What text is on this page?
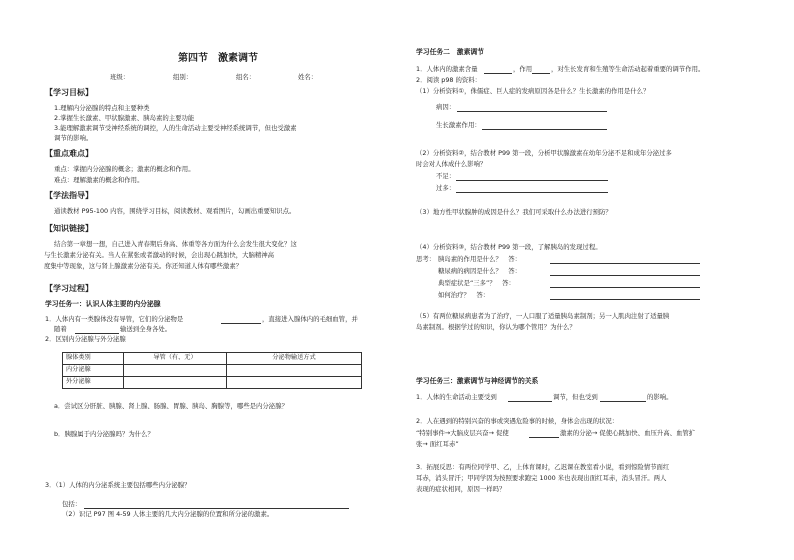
第四节　激素调节
班级：	组别：	组名：	姓名：
【学习目标】
1.理解内分泌腺的特点和主要种类
2.掌握生长激素、甲状腺激素、胰岛素的主要功能
3.能理解激素调节受神经系统的调控，人的生命活动主要受神经系统调节，但也受激素
调节的影响。
【重点难点】
重点：掌握内分泌腺的概念；激素的概念和作用。
难点：理解激素的概念和作用。
【学法指导】
通读教材 P95-100 内容，围绕学习目标，阅读教材、观看图片，勾画出重要知识点。
【知识链接】
结合第一章想一想，自己进入青春期后身高、体重等各方面为什么会发生很大变化？这
与生长激素分泌有关。当人在紧张或者激动的时候，会出现心跳加快，大脑精神高
度集中等现象，这与肾上腺激素分泌有关。你还知道人体有哪些激素？
【学习过程】
学习任务一：认识人体主要的内分泌腺
1．人体内有一类腺体没有导管，它们的分泌物是	，直接进入腺体内的毛细血管，并
随着	输送到全身各处。
2．区别内分泌腺与外分泌腺
腺体类别	导管（有、无）	分泌物输送方式
内分泌腺		
外分泌腺		
a．尝试区分肝脏、胰腺、肾上腺、肠腺、胃腺、胰岛、胸腺等，哪些是内分泌腺？
b．胰腺属于内分泌腺吗？为什么？
3．（1）人体的内分泌系统主要包括哪些内分泌腺？
包括：
（2）识记 P97 图 4-59 人体主要的几大内分泌腺的位置和所分泌的激素。
学习任务二　激素调节
1．人体内的激素含量	，作用	，对生长发育和生殖等生命活动起着重要的调节作用。
2．阅读 p98 的资料：
（1）分析资料①，侏儒症、巨人症的发病原因各是什么？生长激素的作用是什么？
病因：
生长激素作用：
（2）分析资料②，结合教材 P99 第一段，分析甲状腺激素在幼年分泌不足和成年分泌过多
时会对人体成什么影响？
不足：
过多：
（3）地方性甲状腺肿的成因是什么？我们可采取什么办法进行预防？
（4）分析资料③，结合教材 P99 第一段，了解胰岛的发现过程。
思考： 胰岛素的作用是什么？　答：
糖尿病的病因是什么？　答：
典型症状是“三多”？　答：
如何治疗？　答：
（5）有两位糖尿病患者为了治疗，一人口服了适量胰岛素制剂；另一人肌肉注射了适量胰
岛素制剂。根据学过的知识，你认为哪个管用？为什么？
学习任务三：激素调节与神经调节的关系
1．人体的生命活动主要受到	调节，但也受到	的影响。
2．人在遇到的特别兴奋的事或突遇危险事的时候，身体会出现的状况：
“特别事件→大脑皮层兴奋→ 促使	激素的分泌→ 促使心跳加快、血压升高、血管扩
张→ 面红耳赤”
3．拓展反思：有两位同学甲、乙，上体育课时，乙迟课在教室看小说，看到惊险情节面红
耳赤，消头冒汗；甲同学因为按照要求跑完 1000 米也表现出面红耳赤，消头冒汗。两人
表现的症状相同，原因一样吗？
